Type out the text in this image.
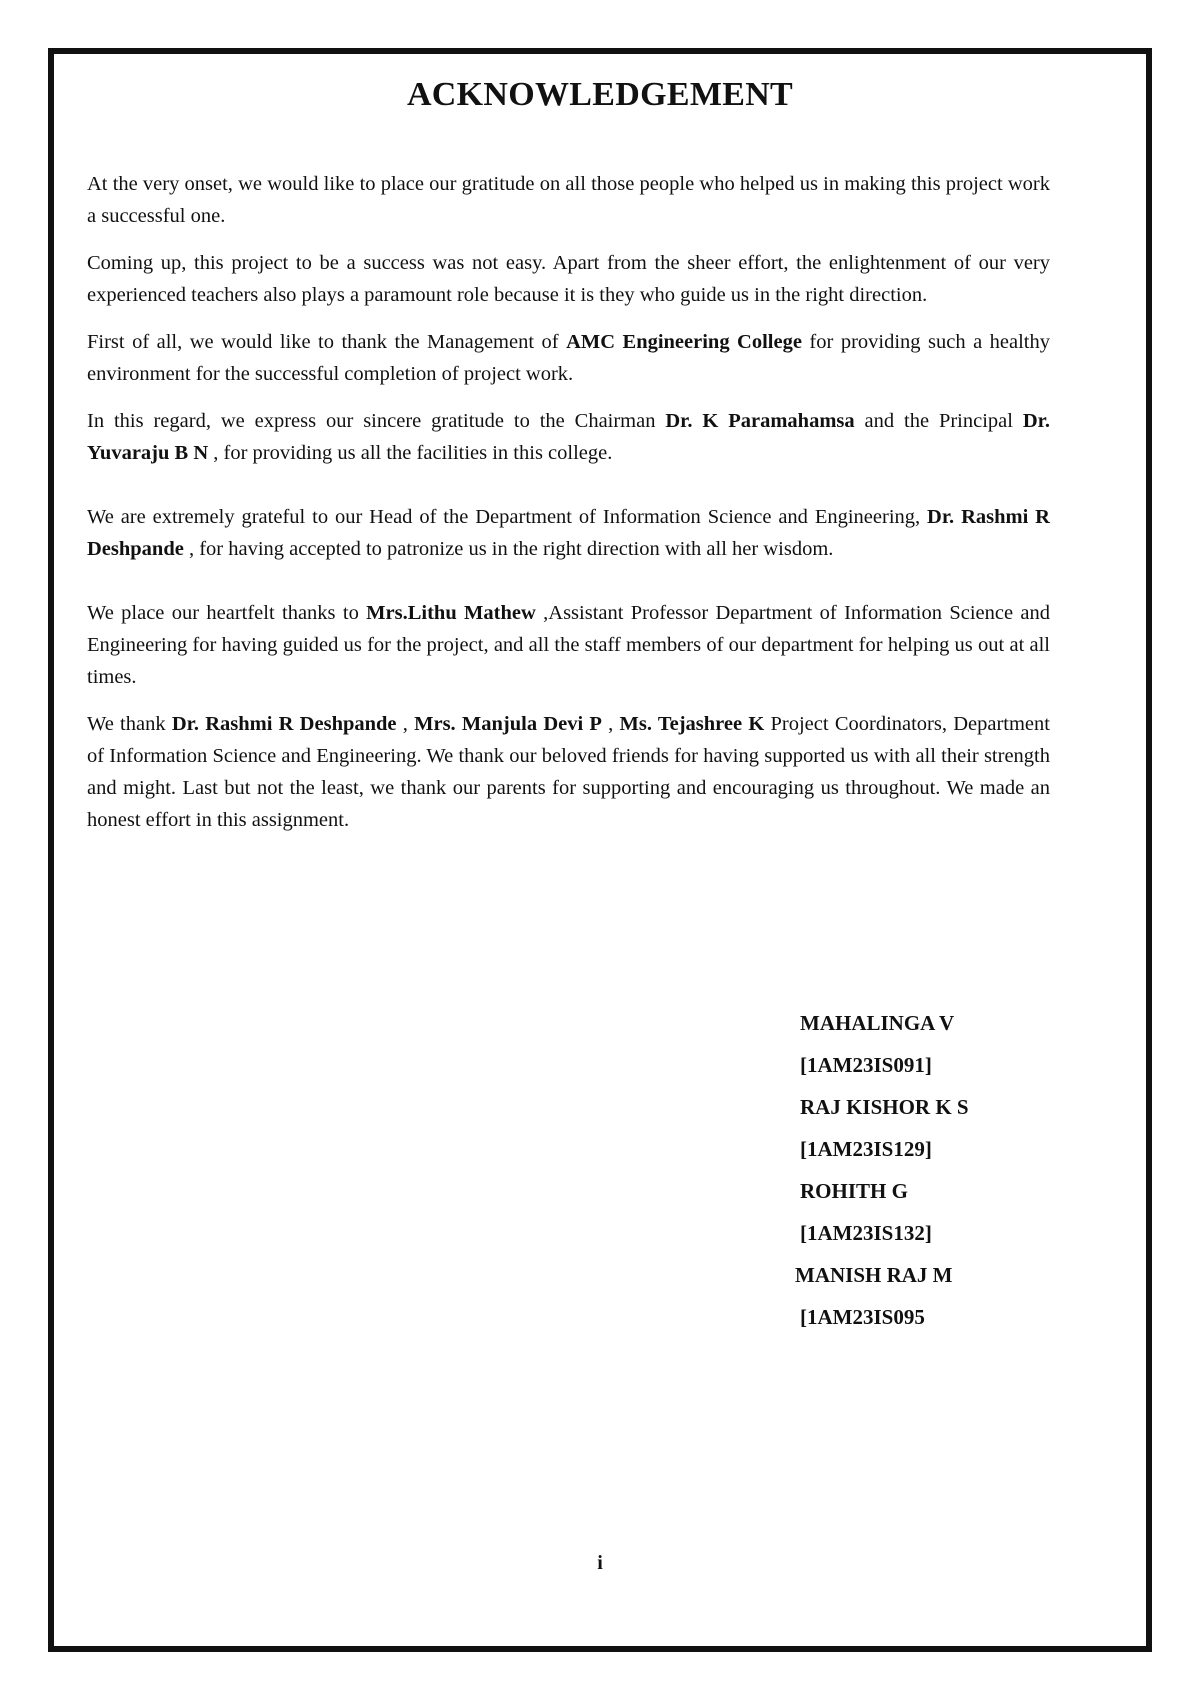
ACKNOWLEDGEMENT

At the very onset, we would like to place our gratitude on all those people who helped us in making this project work a successful one.

Coming up, this project to be a success was not easy. Apart from the sheer effort, the enlightenment of our very experienced teachers also plays a paramount role because it is they who guide us in the right direction.

First of all, we would like to thank the Management of AMC Engineering College for providing such a healthy environment for the successful completion of project work.

In this regard, we express our sincere gratitude to the Chairman Dr. K Paramahamsa and the Principal Dr. Yuvaraju B N , for providing us all the facilities in this college.

We are extremely grateful to our Head of the Department of Information Science and Engineering, Dr. Rashmi R Deshpande , for having accepted to patronize us in the right direction with all her wisdom.

We place our heartfelt thanks to Mrs.Lithu Mathew ,Assistant Professor Department of Information Science and Engineering for having guided us for the project, and all the staff members of our department for helping us out at all times.

We thank Dr. Rashmi R Deshpande , Mrs. Manjula Devi P , Ms. Tejashree K Project Coordinators, Department of Information Science and Engineering. We thank our beloved friends for having supported us with all their strength and might. Last but not the least, we thank our parents for supporting and encouraging us throughout. We made an honest effort in this assignment.

MAHALINGA V
[1AM23IS091]
RAJ KISHOR K S
[1AM23IS129]
ROHITH G
[1AM23IS132]
MANISH RAJ M
[1AM23IS095
i
